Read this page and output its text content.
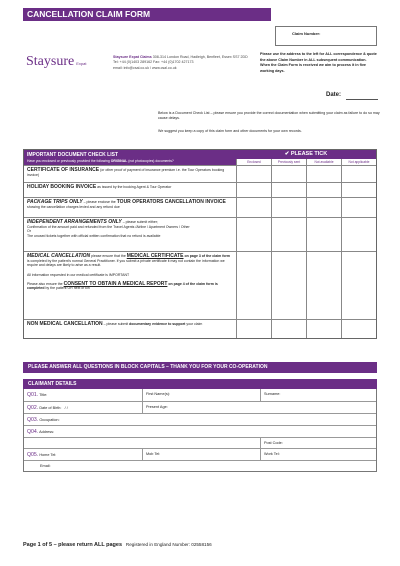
CANCELLATION CLAIM FORM
Claim Number:
Staysure Expat
Staysure Expat Claims 308-314 London Road, Hadleigh, Benfleet, Essex SS7 2DD
Tel: +44 (0)1403 289162 Fax: +44 (0)1702 427173
email: info@csal.co.uk / www.csal.co.uk
Please use the address to the left for ALL correspondence & quote the above Claim Number in ALL subsequent communication. When the Claim Form is received we aim to process it in five working days.
Date:
Below is a Document Check List – please ensure you provide the correct documentation when submitting your claim as failure to do so may cause delays.
We suggest you keep a copy of this claim form and other documents for your own records.
IMPORTANT DOCUMENT CHECK LIST
Have you enclosed or previously provided the following ORIGINAL (not photocopies) documents?
✔ PLEASE TICK
Enclosed	Previously sent	Not available	Not applicable
CERTIFICATE OF INSURANCE (or other proof of payment of insurance premium i.e. the Tour Operators booking invoice)
HOLIDAY BOOKING INVOICE as issued by the booking Agent & Tour Operator
PACKAGE TRIPS ONLY – please enclose the TOUR OPERATORS CANCELLATION INVOICE showing the cancellation charges levied and any refund due
INDEPENDENT ARRANGEMENTS ONLY – please submit either;
Confirmation of the amount paid and refunded from the Travel Agents /Airline / Apartment Owners / Other
Or
The unused tickets together with official written confirmation that no refund is available
MEDICAL CANCELLATION please ensure that the MEDICAL CERTIFICATE on page 3 of the claim form is completed by the patient's normal General Practitioner. If you submit a private certificate it may not contain the information we require and delays are likely to arise as a result.

All information requested in our medical certificate is IMPORTANT

Please also ensure the CONSENT TO OBTAIN A MEDICAL REPORT on page 4 of the claim form is completed by the patient OR next of kin
NON MEDICAL CANCELLATION – please submit documentary evidence to support your claim
PLEASE ANSWER ALL QUESTIONS IN BLOCK CAPITALS – THANK YOU FOR YOUR CO-OPERATION
CLAIMANT DETAILS
Q01. Title:	First Name(s):	Surname:
Q02. Date of Birth: / /	Present Age:
Q03. Occupation:
Q04. Address:
Post Code:
Q05. Home Tel:	Mob Tel:	Work Tel:
Email:
Page 1 of 5 – please return ALL pages Registered in England Number: 02558156
